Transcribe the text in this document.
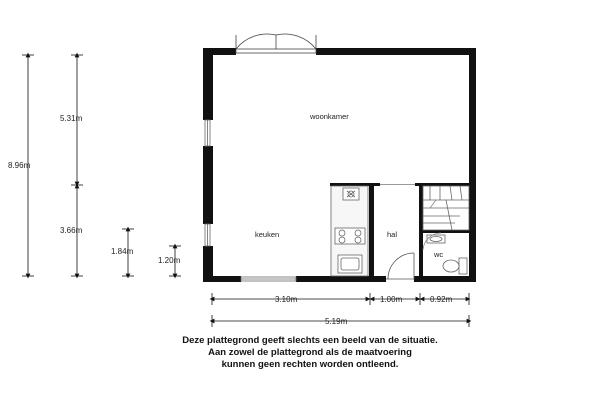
woonkamer
keuken	hal
wc
8.96m
5.31m
3.66m
1.84m
1.20m
3.10m	1.00m	0.92m
5.19m
Deze plattegrond geeft slechts een beeld van de situatie.
Aan zowel de plattegrond als de maatvoering
kunnen geen rechten worden ontleend.
